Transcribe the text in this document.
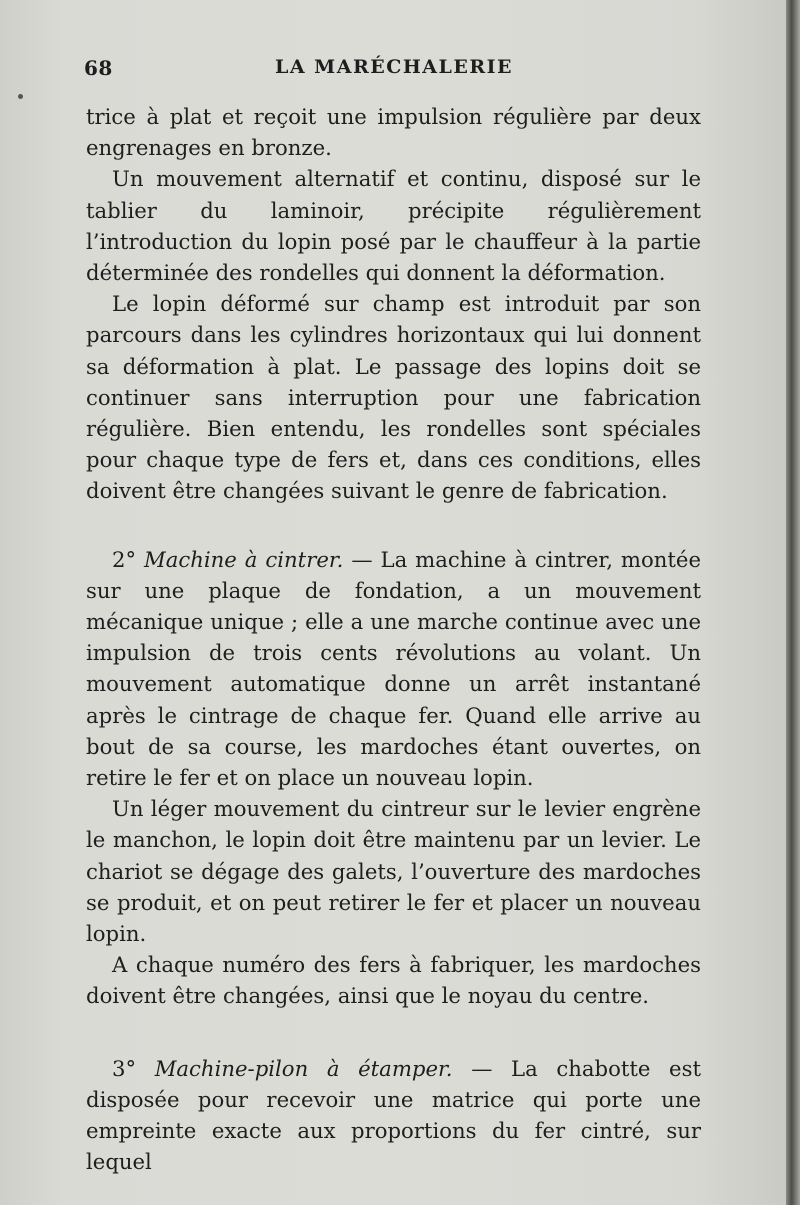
68	LA MARÉCHALERIE

trice à plat et reçoit une impulsion régulière par deux engrenages en bronze.

Un mouvement alternatif et continu, disposé sur le tablier du laminoir, précipite régulièrement l’introduction du lopin posé par le chauffeur à la partie déterminée des rondelles qui donnent la déformation.

Le lopin déformé sur champ est introduit par son parcours dans les cylindres horizontaux qui lui donnent sa déformation à plat. Le passage des lopins doit se continuer sans interruption pour une fabrication régulière. Bien entendu, les rondelles sont spéciales pour chaque type de fers et, dans ces conditions, elles doivent être changées suivant le genre de fabrication.

2° Machine à cintrer. — La machine à cintrer, montée sur une plaque de fondation, a un mouvement mécanique unique ; elle a une marche continue avec une impulsion de trois cents révolutions au volant. Un mouvement automatique donne un arrêt instantané après le cintrage de chaque fer. Quand elle arrive au bout de sa course, les mardoches étant ouvertes, on retire le fer et on place un nouveau lopin.

Un léger mouvement du cintreur sur le levier engrène le manchon, le lopin doit être maintenu par un levier. Le chariot se dégage des galets, l’ouverture des mardoches se produit, et on peut retirer le fer et placer un nouveau lopin.

A chaque numéro des fers à fabriquer, les mardoches doivent être changées, ainsi que le noyau du centre.

3° Machine-pilon à étamper. — La chabotte est disposée pour recevoir une matrice qui porte une empreinte exacte aux proportions du fer cintré, sur lequel
